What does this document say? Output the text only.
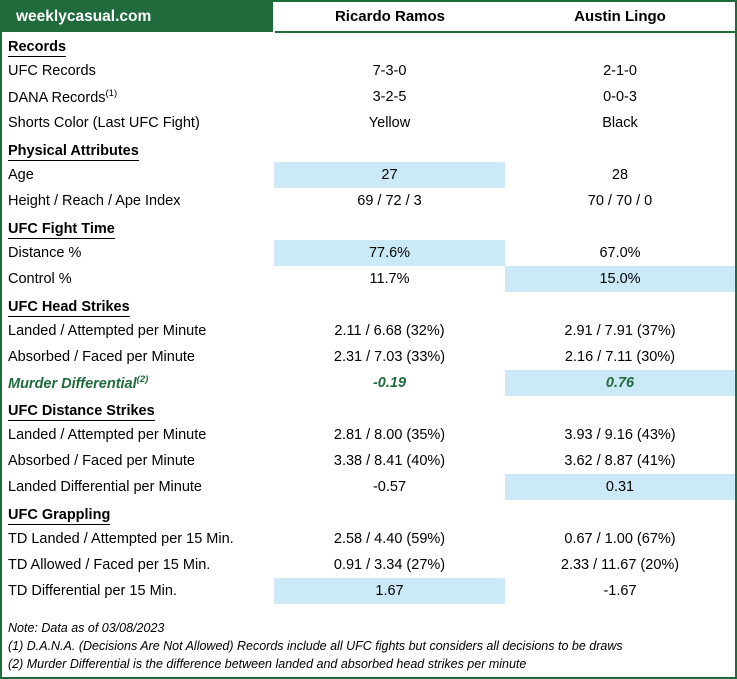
weeklycasual.com	Ricardo Ramos	Austin Lingo
Records		
UFC Records	7-3-0	2-1-0
DANA Records$^{(1)}$	3-2-5	0-0-3
Shorts Color (Last UFC Fight)	Yellow	Black
Physical Attributes		
Age	27	28
Height / Reach / Ape Index	69 / 72 / 3	70 / 70 / 0
UFC Fight Time		
Distance %	77.6%	67.0%
Control %	11.7%	15.0%
UFC Head Strikes		
Landed / Attempted per Minute	2.11 / 6.68 (32%)	2.91 / 7.91 (37%)
Absorbed / Faced per Minute	2.31 / 7.03 (33%)	2.16 / 7.11 (30%)
Murder Differential$^{(2)}$	-0.19	0.76
UFC Distance Strikes		
Landed / Attempted per Minute	2.81 / 8.00 (35%)	3.93 / 9.16 (43%)
Absorbed / Faced per Minute	3.38 / 8.41 (40%)	3.62 / 8.87 (41%)
Landed Differential per Minute	-0.57	0.31
UFC Grappling		
TD Landed / Attempted per 15 Min.	2.58 / 4.40 (59%)	0.67 / 1.00 (67%)
TD Allowed / Faced per 15 Min.	0.91 / 3.34 (27%)	2.33 / 11.67 (20%)
TD Differential per 15 Min.	1.67	-1.67
Note: Data as of 03/08/2023
(1) D.A.N.A. (Decisions Are Not Allowed) Records include all UFC fights but considers all decisions to be draws
(2) Murder Differential is the difference between landed and absorbed head strikes per minute
